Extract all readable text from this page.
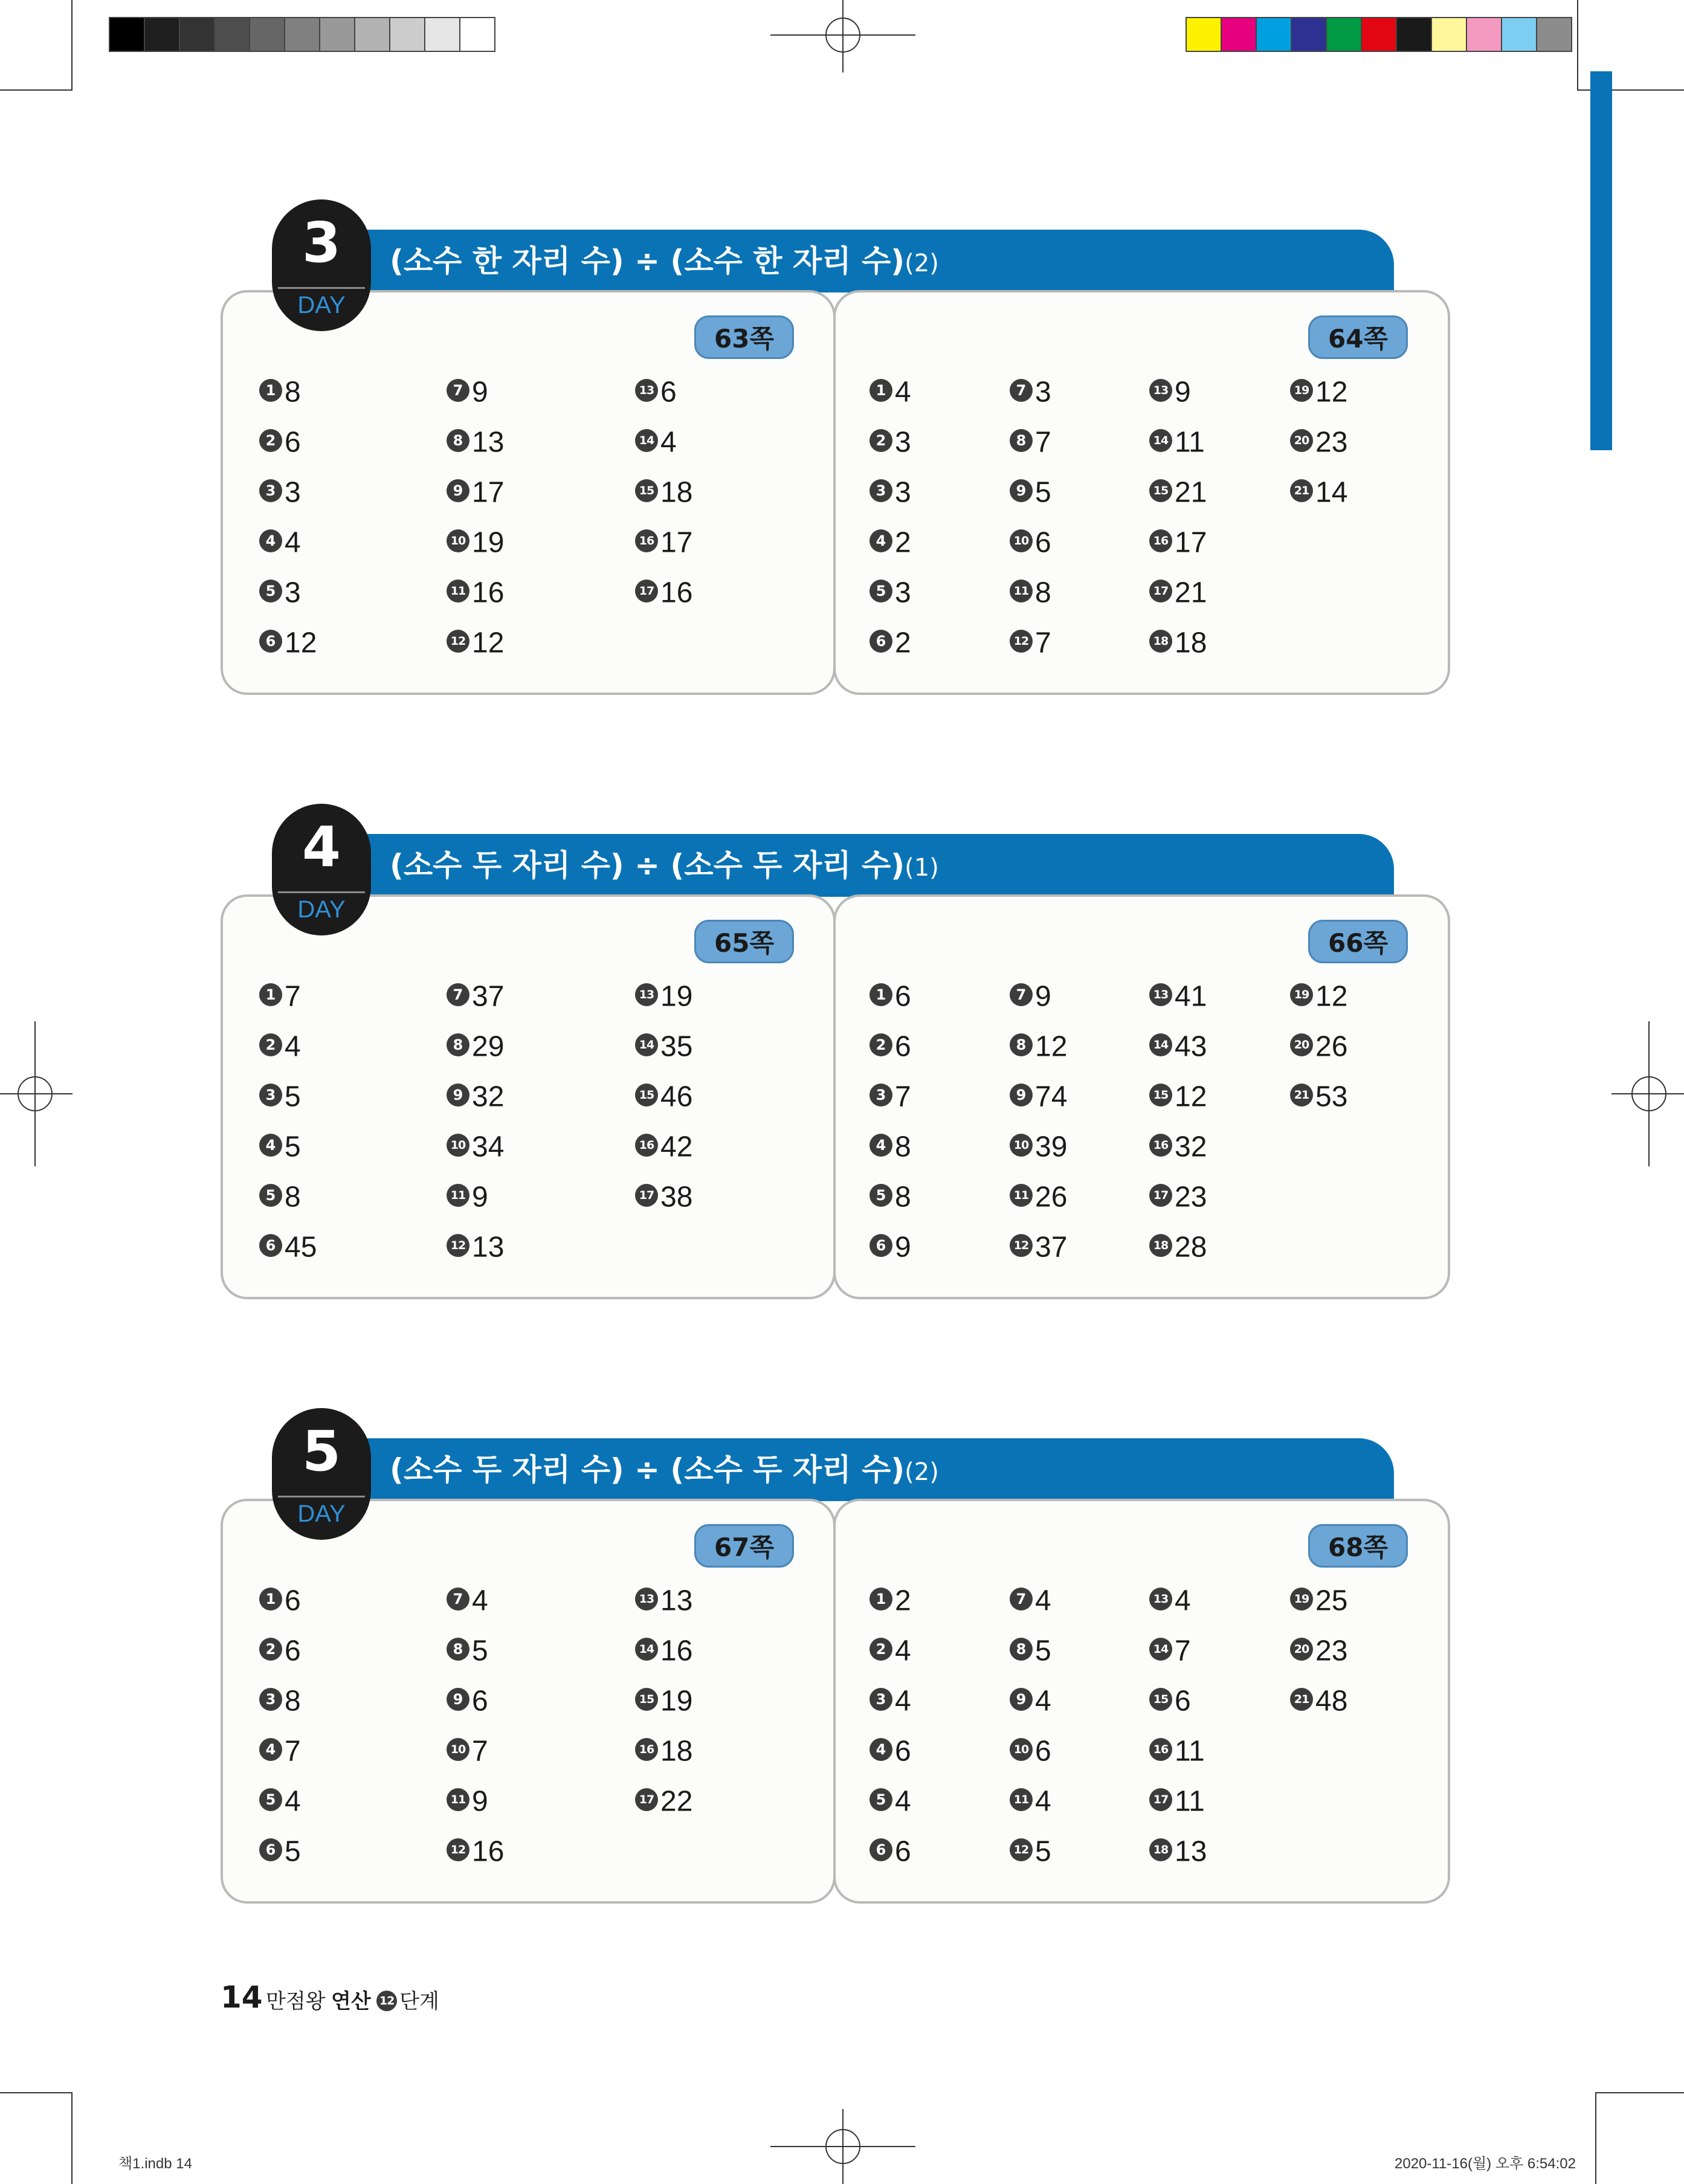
(소수 한 자리 수) ÷ (소수 한 자리 수)(2)
3
DAY
63쪽
1 8
2 6
3 3
4 4
5 3
6 12
7 9
8 13
9 17
10 19
11 16
12 12
13 6
14 4
15 18
16 17
17 16
64쪽
1 4
2 3
3 3
4 2
5 3
6 2
7 3
8 7
9 5
10 6
11 8
12 7
13 9
14 11
15 21
16 17
17 21
18 18
19 12
20 23
21 14
(소수 두 자리 수) ÷ (소수 두 자리 수)(1)
4
DAY
65쪽
1 7
2 4
3 5
4 5
5 8
6 45
7 37
8 29
9 32
10 34
11 9
12 13
13 19
14 35
15 46
16 42
17 38
66쪽
1 6
2 6
3 7
4 8
5 8
6 9
7 9
8 12
9 74
10 39
11 26
12 37
13 41
14 43
15 12
16 32
17 23
18 28
19 12
20 26
21 53
(소수 두 자리 수) ÷ (소수 두 자리 수)(2)
5
DAY
67쪽
1 6
2 6
3 8
4 7
5 4
6 5
7 4
8 5
9 6
10 7
11 9
12 16
13 13
14 16
15 19
16 18
17 22
68쪽
1 2
2 4
3 4
4 6
5 4
6 6
7 4
8 5
9 4
10 6
11 4
12 5
13 4
14 7
15 6
16 11
17 11
18 13
19 25
20 23
21 48
14 만점왕 연산 12 단계
책1.indb 14	2020-11-16(월) 오후 6:54:02
